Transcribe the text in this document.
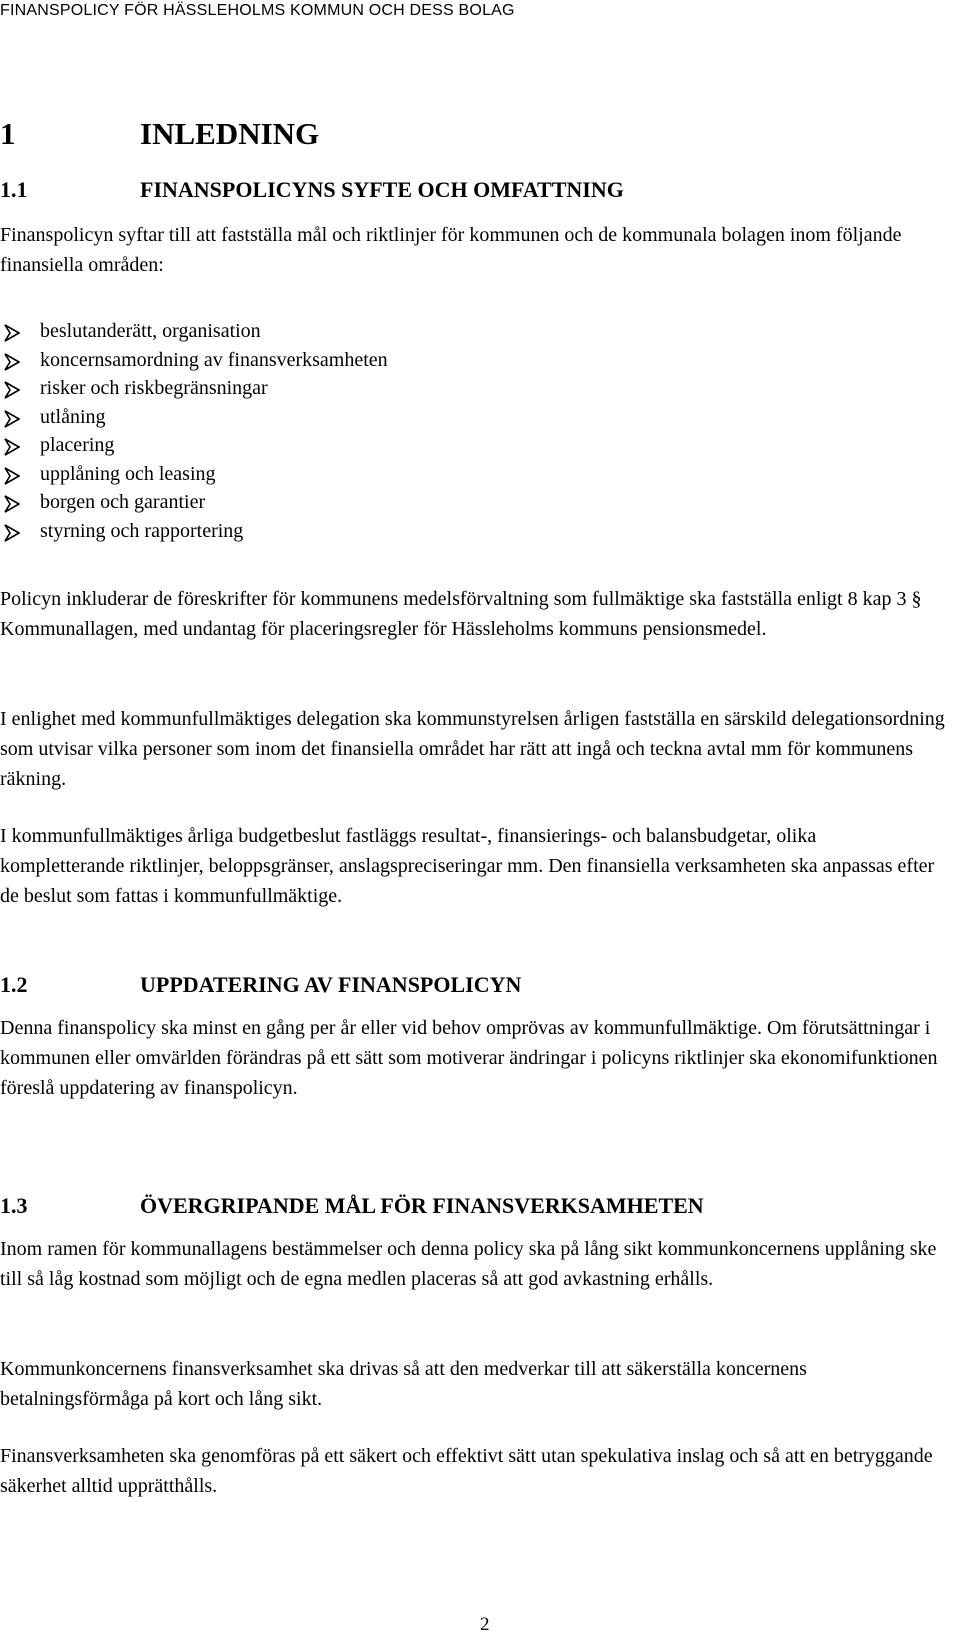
FINANSPOLICY FÖR HÄSSLEHOLMS KOMMUN OCH DESS BOLAG
1	INLEDNING
1.1	FINANSPOLICYNS SYFTE OCH OMFATTNING
Finanspolicyn syftar till att fastställa mål och riktlinjer för kommunen och de kommunala bolagen inom följande finansiella områden:
beslutanderätt, organisation
koncernsamordning av finansverksamheten
risker och riskbegränsningar
utlåning
placering
upplåning och leasing
borgen och garantier
styrning och rapportering
Policyn inkluderar de föreskrifter för kommunens medelsförvaltning som fullmäktige ska fastställa enligt 8 kap 3 § Kommunallagen, med undantag för placeringsregler för Hässleholms kommuns pensionsmedel.
I enlighet med kommunfullmäktiges delegation ska kommunstyrelsen årligen fastställa en särskild delegationsordning som utvisar vilka personer som inom det finansiella området har rätt att ingå och teckna avtal mm för kommunens räkning.
I kommunfullmäktiges årliga budgetbeslut fastläggs resultat-, finansierings- och balansbudgetar, olika kompletterande riktlinjer, beloppsgränser, anslagspreciseringar mm. Den finansiella verksamheten ska anpassas efter de beslut som fattas i kommunfullmäktige.
1.2	UPPDATERING AV FINANSPOLICYN
Denna finanspolicy ska minst en gång per år eller vid behov omprövas av kommunfullmäktige. Om förutsättningar i kommunen eller omvärlden förändras på ett sätt som motiverar ändringar i policyns riktlinjer ska ekonomifunktionen föreslå uppdatering av finanspolicyn.
1.3	ÖVERGRIPANDE MÅL FÖR FINANSVERKSAMHETEN
Inom ramen för kommunallagens bestämmelser och denna policy ska på lång sikt kommunkoncernens upplåning ske till så låg kostnad som möjligt och de egna medlen placeras så att god avkastning erhålls.
Kommunkoncernens finansverksamhet ska drivas så att den medverkar till att säkerställa koncernens betalningsförmåga på kort och lång sikt.
Finansverksamheten ska genomföras på ett säkert och effektivt sätt utan spekulativa inslag och så att en betryggande säkerhet alltid upprätthålls.
2
